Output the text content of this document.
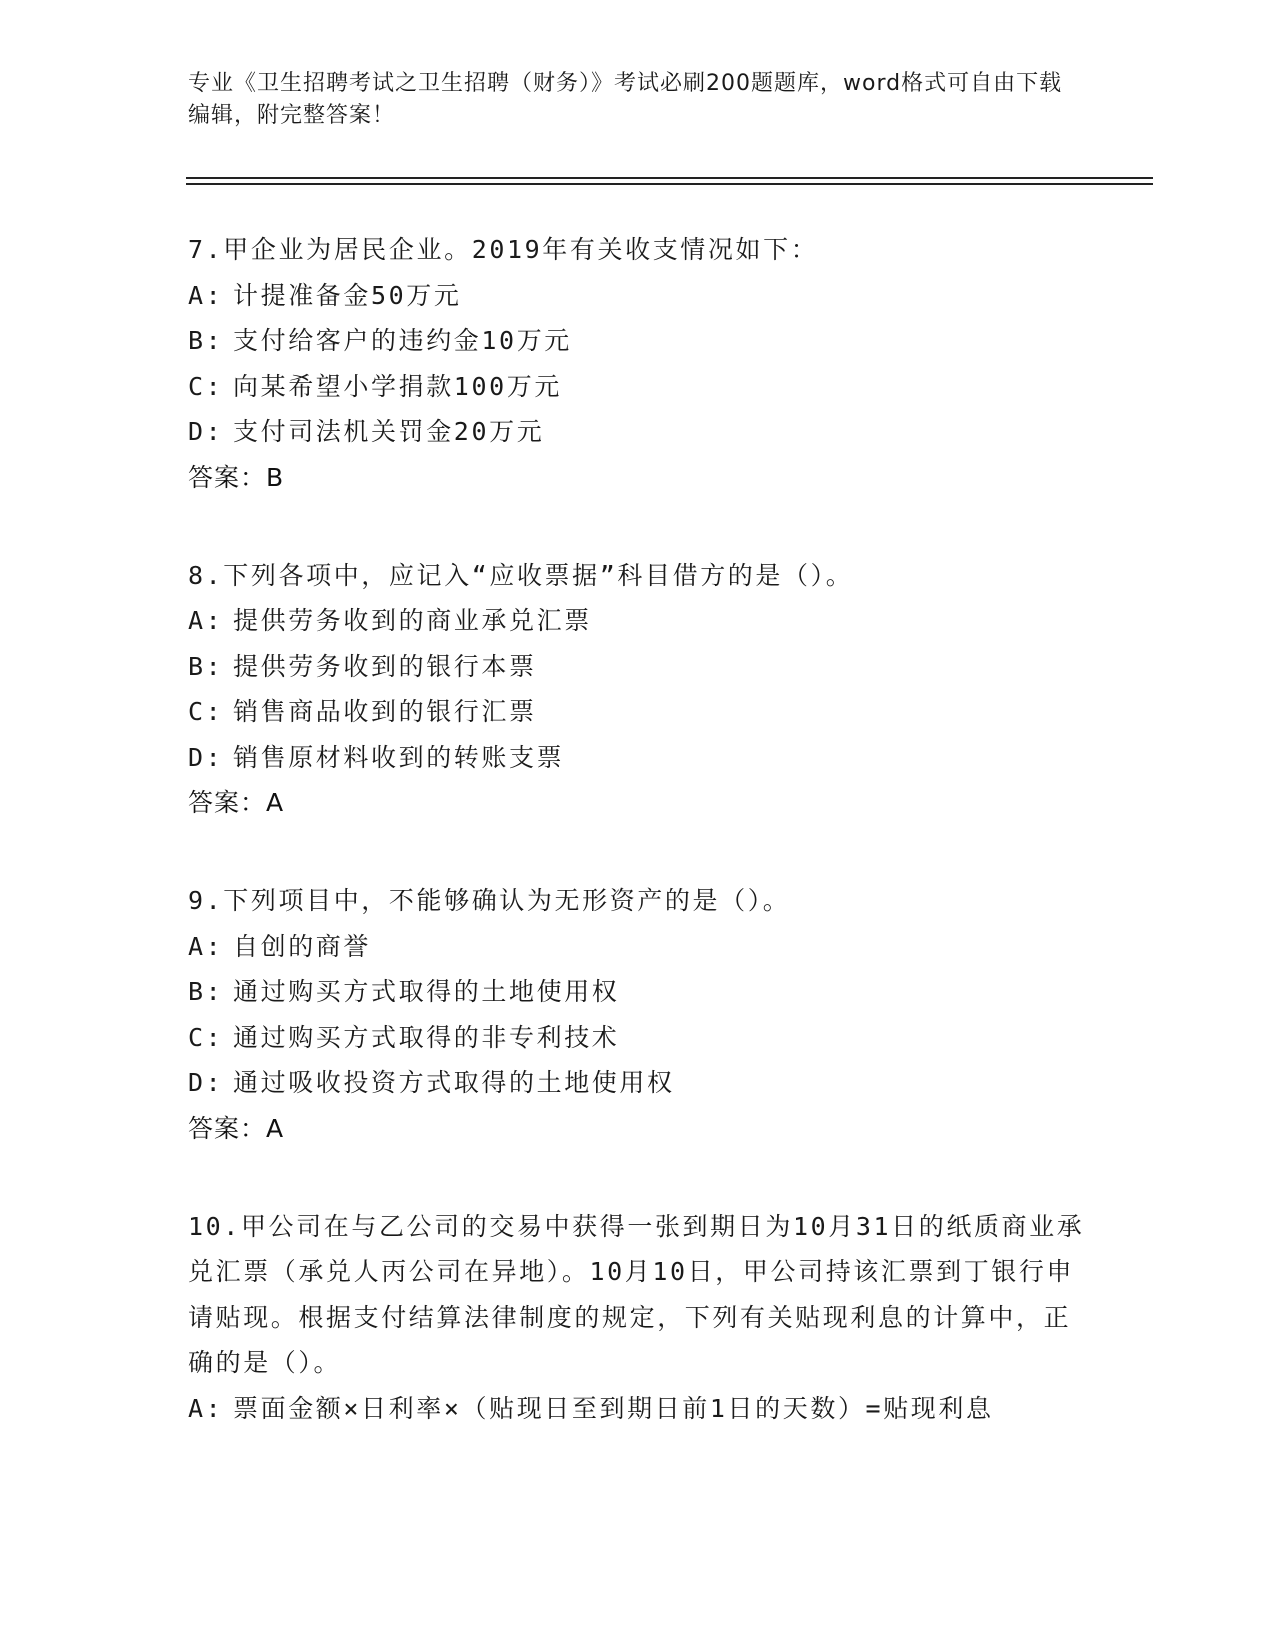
专业《卫生招聘考试之卫生招聘（财务）》考试必刷200题题库，word格式可自由下载编辑，附完整答案！
7.甲企业为居民企业。2019年有关收支情况如下：
A: 计提准备金50万元
B: 支付给客户的违约金10万元
C: 向某希望小学捐款100万元
D: 支付司法机关罚金20万元
答案：B
8.下列各项中，应记入“应收票据”科目借方的是（）。
A: 提供劳务收到的商业承兑汇票
B: 提供劳务收到的银行本票
C: 销售商品收到的银行汇票
D: 销售原材料收到的转账支票
答案：A
9.下列项目中，不能够确认为无形资产的是（）。
A: 自创的商誉
B: 通过购买方式取得的土地使用权
C: 通过购买方式取得的非专利技术
D: 通过吸收投资方式取得的土地使用权
答案：A
10.甲公司在与乙公司的交易中获得一张到期日为10月31日的纸质商业承兑汇票（承兑人丙公司在异地）。10月10日，甲公司持该汇票到丁银行申请贴现。根据支付结算法律制度的规定，下列有关贴现利息的计算中，正确的是（）。
A: 票面金额×日利率×（贴现日至到期日前1日的天数）=贴现利息
